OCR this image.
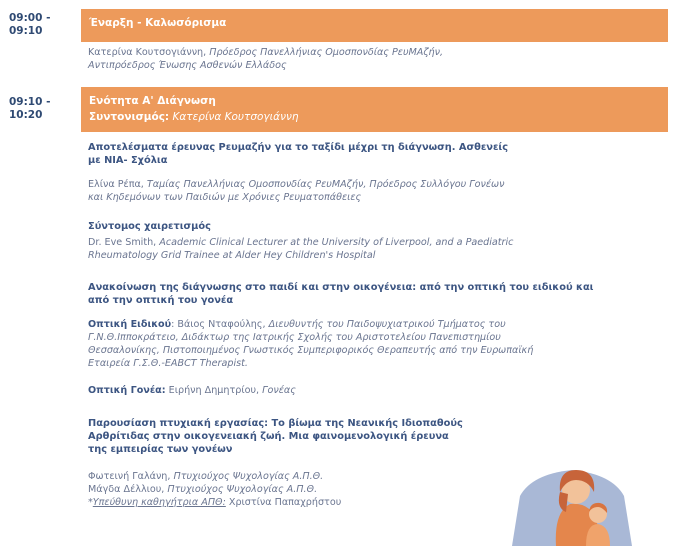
09:00 -
09:10
Έναρξη - Καλωσόρισμα
Κατερίνα Κουτσογιάννη, Πρόεδρος Πανελλήνιας Ομοσπονδίας ΡευΜΑζήν,
Αντιπρόεδρος Ένωσης Ασθενών Ελλάδος
09:10 -
10:20
Ενότητα Α' Διάγνωση
Συντονισμός: Κατερίνα Κουτσογιάννη
Αποτελέσματα έρευνας Ρευμαζήν για το ταξίδι μέχρι τη διάγνωση. Ασθενείς
με ΝΙΑ- Σχόλια
Ελίνα Ρέπα, Ταμίας Πανελλήνιας Ομοσπονδίας ΡευΜΑζήν, Πρόεδρος Συλλόγου Γονέων
και Κηδεμόνων των Παιδιών με Χρόνιες Ρευματοπάθειες
Σύντομος χαιρετισμός
Dr. Eve Smith, Academic Clinical Lecturer at the University of Liverpool, and a Paediatric
Rheumatology Grid Trainee at Alder Hey Children's Hospital
Ανακοίνωση της διάγνωσης στο παιδί και στην οικογένεια: από την οπτική του ειδικού και
από την οπτική του γονέα
Οπτική Ειδικού: Βάιος Νταφούλης, Διευθυντής του Παιδοψυχιατρικού Τμήματος του
Γ.Ν.Θ.Ιπποκράτειο, Διδάκτωρ της Ιατρικής Σχολής του Αριστοτελείου Πανεπιστημίου
Θεσσαλονίκης, Πιστοποιημένος Γνωστικός Συμπεριφορικός Θεραπευτής από την Ευρωπαϊκή
Εταιρεία Γ.Σ.Θ.-EABCT Therapist.
Οπτική Γονέα: Ειρήνη Δημητρίου, Γονέας
Παρουσίαση πτυχιακή εργασίας: Το βίωμα της Νεανικής Ιδιοπαθούς
Αρθρίτιδας στην οικογενειακή ζωή. Μια φαινομενολογική έρευνα
της εμπειρίας των γονέων
Φωτεινή Γαλάνη, Πτυχιούχος Ψυχολογίας Α.Π.Θ.
Μάγδα Δέλλιου, Πτυχιούχος Ψυχολογίας Α.Π.Θ.
*Υπεύθυνη καθηγήτρια ΑΠΘ: Χριστίνα Παπαχρήστου
